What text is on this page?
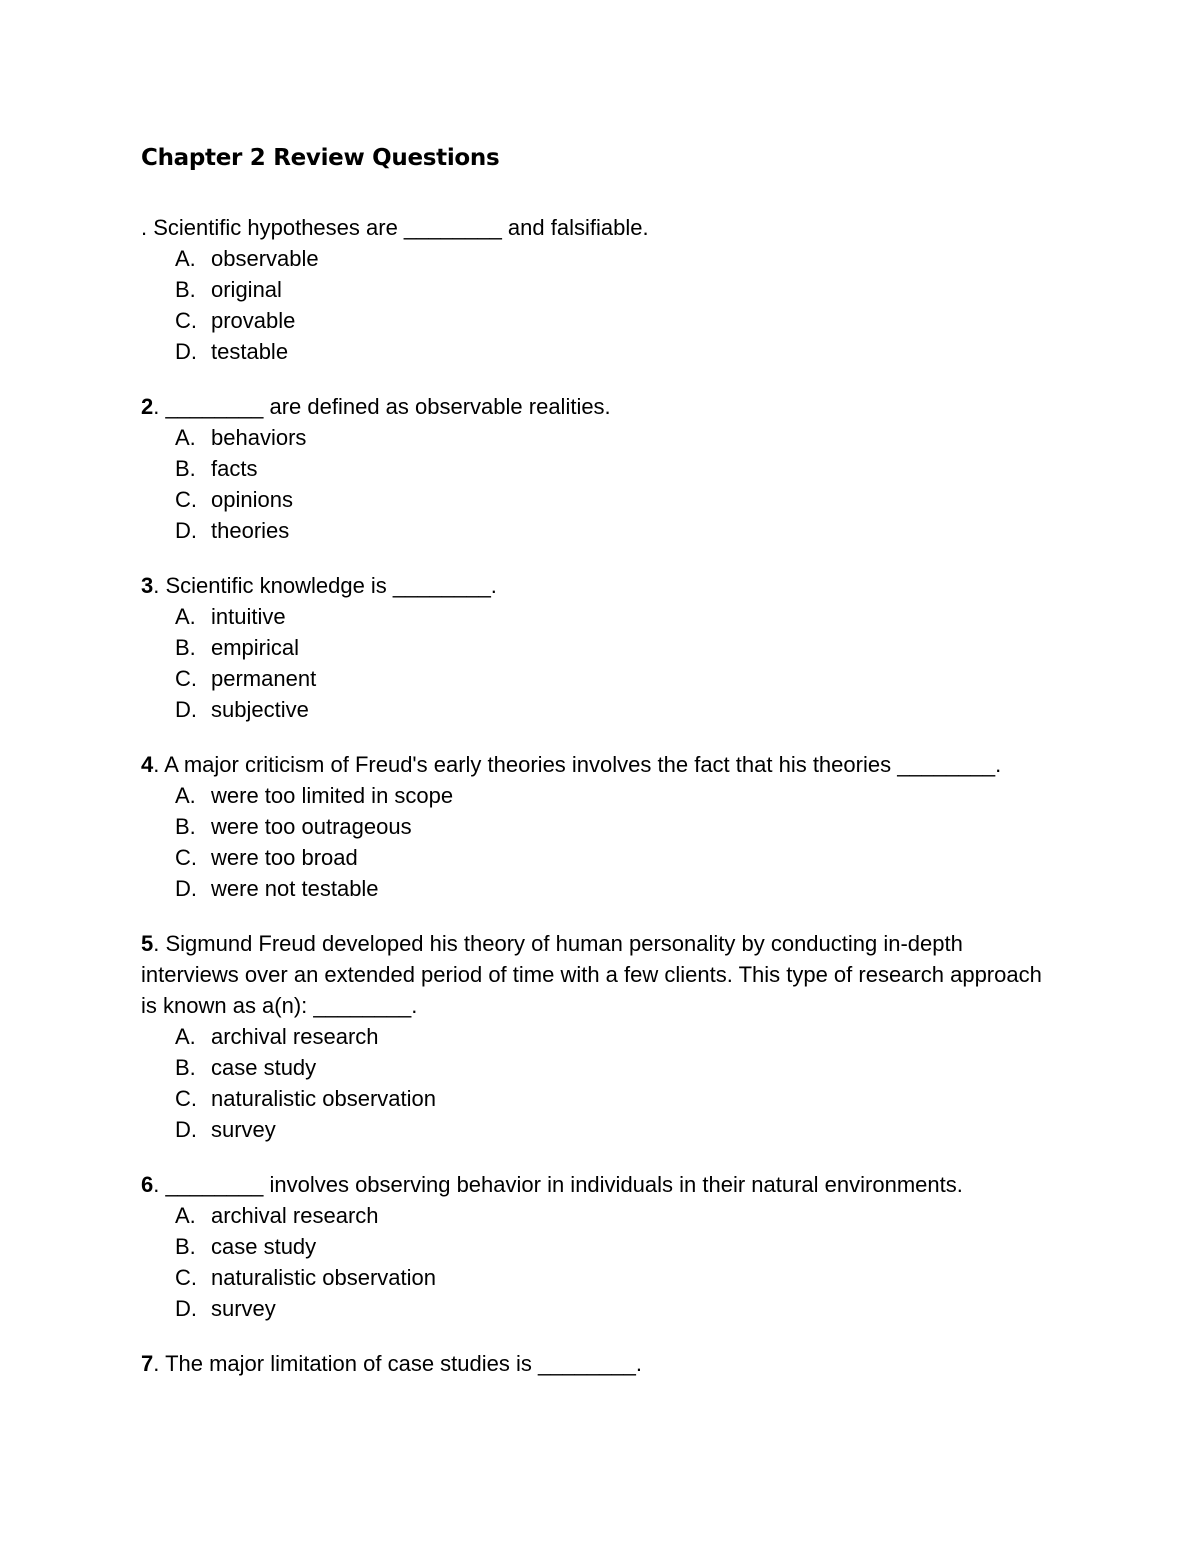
Chapter 2 Review Questions
. Scientific hypotheses are ________ and falsifiable.
A. observable
B. original
C. provable
D. testable
2. ________ are defined as observable realities.
A. behaviors
B. facts
C. opinions
D. theories
3. Scientific knowledge is ________.
A. intuitive
B. empirical
C. permanent
D. subjective
4. A major criticism of Freud's early theories involves the fact that his theories ________.
A. were too limited in scope
B. were too outrageous
C. were too broad
D. were not testable
5. Sigmund Freud developed his theory of human personality by conducting in-depth interviews over an extended period of time with a few clients. This type of research approach is known as a(n): ________.
A. archival research
B. case study
C. naturalistic observation
D. survey
6. ________ involves observing behavior in individuals in their natural environments.
A. archival research
B. case study
C. naturalistic observation
D. survey
7. The major limitation of case studies is ________.
